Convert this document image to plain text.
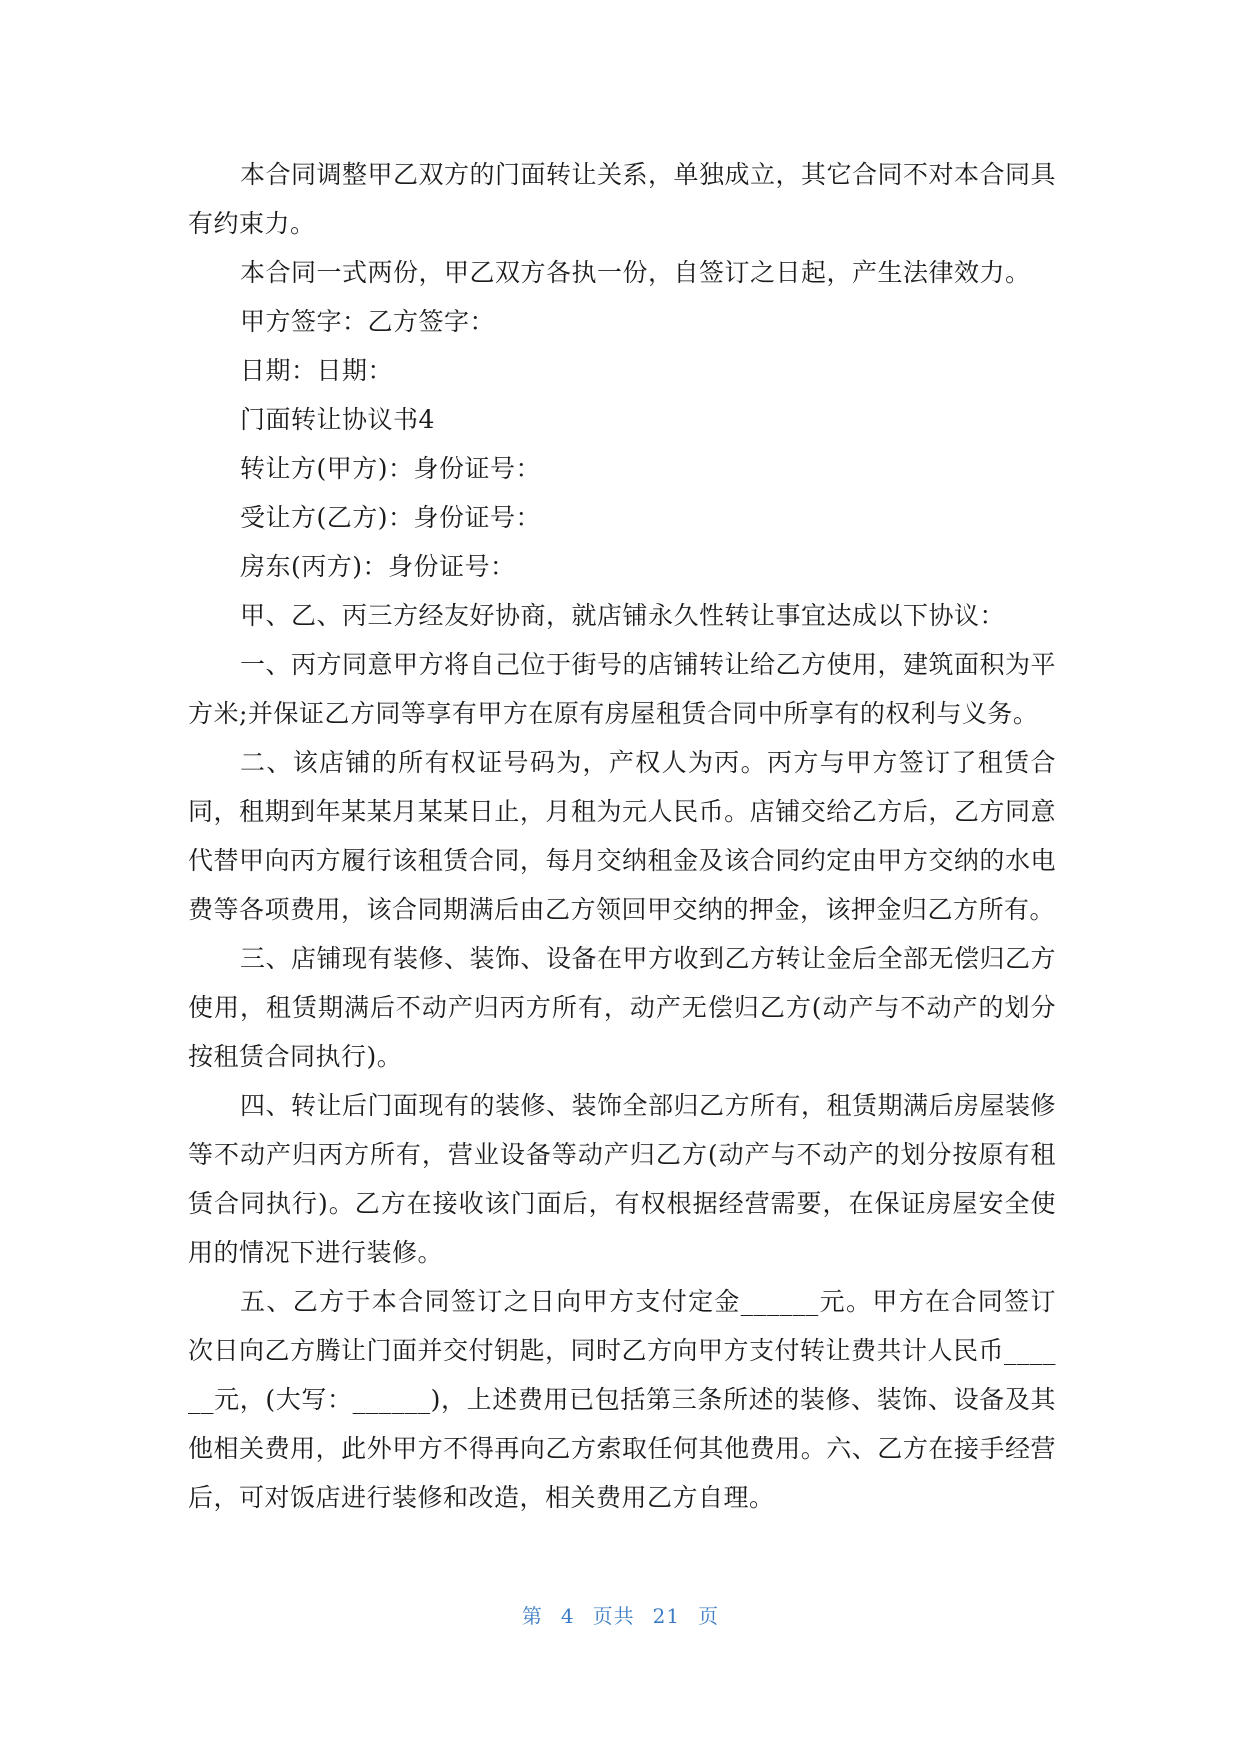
本合同调整甲乙双方的门面转让关系，单独成立，其它合同不对本合同具有约束力。

本合同一式两份，甲乙双方各执一份，自签订之日起，产生法律效力。

甲方签字：乙方签字：

日期：日期：

门面转让协议书4

转让方(甲方)：身份证号：

受让方(乙方)：身份证号：

房东(丙方)：身份证号：

甲、乙、丙三方经友好协商，就店铺永久性转让事宜达成以下协议：

一、丙方同意甲方将自己位于街号的店铺转让给乙方使用，建筑面积为平方米;并保证乙方同等享有甲方在原有房屋租赁合同中所享有的权利与义务。

二、该店铺的所有权证号码为，产权人为丙。丙方与甲方签订了租赁合同，租期到年某某月某某日止，月租为元人民币。店铺交给乙方后，乙方同意代替甲向丙方履行该租赁合同，每月交纳租金及该合同约定由甲方交纳的水电费等各项费用，该合同期满后由乙方领回甲交纳的押金，该押金归乙方所有。

三、店铺现有装修、装饰、设备在甲方收到乙方转让金后全部无偿归乙方使用，租赁期满后不动产归丙方所有，动产无偿归乙方(动产与不动产的划分按租赁合同执行)。

四、转让后门面现有的装修、装饰全部归乙方所有，租赁期满后房屋装修等不动产归丙方所有，营业设备等动产归乙方(动产与不动产的划分按原有租赁合同执行)。乙方在接收该门面后，有权根据经营需要，在保证房屋安全使用的情况下进行装修。

五、乙方于本合同签订之日向甲方支付定金______元。甲方在合同签订次日向乙方腾让门面并交付钥匙，同时乙方向甲方支付转让费共计人民币______元，(大写：______)，上述费用已包括第三条所述的装修、装饰、设备及其他相关费用，此外甲方不得再向乙方索取任何其他费用。六、乙方在接手经营后，可对饭店进行装修和改造，相关费用乙方自理。

第 4 页共 21 页
